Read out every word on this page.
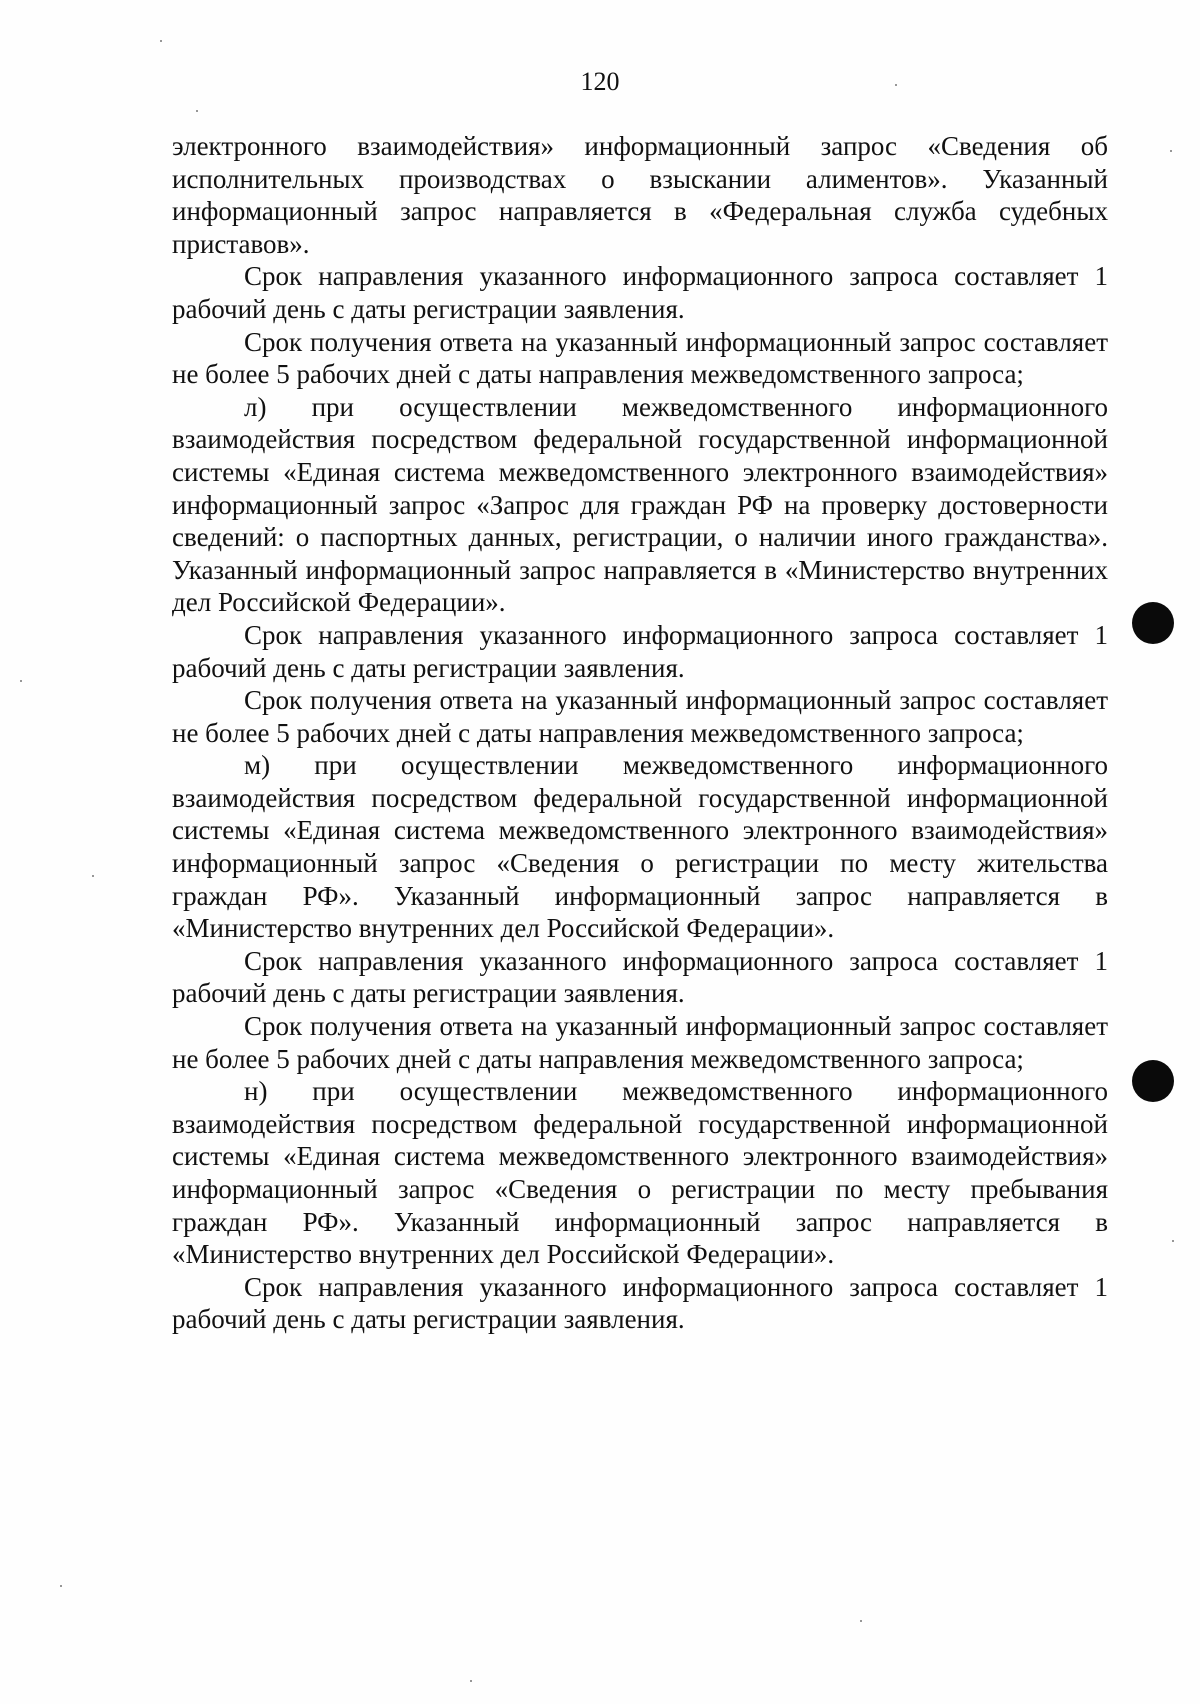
120

электронного взаимодействия» информационный запрос «Сведения об исполнительных производствах о взыскании алиментов». Указанный информационный запрос направляется в «Федеральная служба судебных приставов».

Срок направления указанного информационного запроса составляет 1 рабочий день с даты регистрации заявления.

Срок получения ответа на указанный информационный запрос составляет не более 5 рабочих дней с даты направления межведомственного запроса;

л) при осуществлении межведомственного информационного взаимодействия посредством федеральной государственной информационной системы «Единая система межведомственного электронного взаимодействия» информационный запрос «Запрос для граждан РФ на проверку достоверности сведений: о паспортных данных, регистрации, о наличии иного гражданства». Указанный информационный запрос направляется в «Министерство внутренних дел Российской Федерации».

Срок направления указанного информационного запроса составляет 1 рабочий день с даты регистрации заявления.

Срок получения ответа на указанный информационный запрос составляет не более 5 рабочих дней с даты направления межведомственного запроса;

м) при осуществлении межведомственного информационного взаимодействия посредством федеральной государственной информационной системы «Единая система межведомственного электронного взаимодействия» информационный запрос «Сведения о регистрации по месту жительства граждан РФ». Указанный информационный запрос направляется в «Министерство внутренних дел Российской Федерации».

Срок направления указанного информационного запроса составляет 1 рабочий день с даты регистрации заявления.

Срок получения ответа на указанный информационный запрос составляет не более 5 рабочих дней с даты направления межведомственного запроса;

н) при осуществлении межведомственного информационного взаимодействия посредством федеральной государственной информационной системы «Единая система межведомственного электронного взаимодействия» информационный запрос «Сведения о регистрации по месту пребывания граждан РФ». Указанный информационный запрос направляется в «Министерство внутренних дел Российской Федерации».

Срок направления указанного информационного запроса составляет 1 рабочий день с даты регистрации заявления.
